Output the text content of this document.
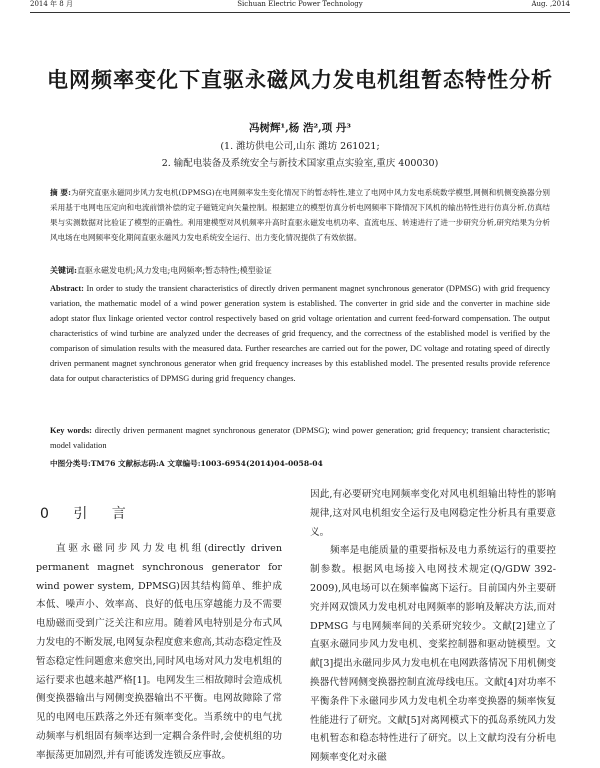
2014 年 8 月	Sichuan Electric Power Technology	Aug. ,2014
电网频率变化下直驱永磁风力发电机组暂态特性分析
冯树辉¹,杨 浩²,项 丹³
(1. 潍坊供电公司,山东 潍坊 261021;
2. 输配电装备及系统安全与新技术国家重点实验室,重庆 400030)
摘 要:为研究直驱永磁同步风力发电机(DPMSG)在电网频率发生变化情况下的暂态特性,建立了电网中风力发电系统数学模型,网侧和机侧变换器分别采用基于电网电压定向和电流前馈补偿的定子磁链定向矢量控制。根据建立的模型仿真分析电网频率下降情况下风机的输出特性进行仿真分析,仿真结果与实测数据对比验证了模型的正确性。利用建模型对风机频率升高时直驱永磁发电机功率、直流电压、转速进行了进一步研究分析,研究结果为分析风电场在电网频率变化期间直驱永磁风力发电系统安全运行、出力变化情况提供了有效依据。
关键词:直驱永磁发电机;风力发电;电网频率;暂态特性;模型验证
Abstract: In order to study the transient characteristics of directly driven permanent magnet synchronous generator (DPMSG) with grid frequency variation, the mathematic model of a wind power generation system is established. The converter in grid side and the converter in machine side adopt stator flux linkage oriented vector control respectively based on grid voltage orientation and current feed-forward compensation. The output characteristics of wind turbine are analyzed under the decreases of grid frequency, and the correctness of the established model is verified by the comparison of simulation results with the measured data. Further researches are carried out for the power, DC voltage and rotating speed of directly driven permanent magnet synchronous generator when grid frequency increases by this established model. The presented results provide reference data for output characteristics of DPMSG during grid frequency changes.
Key words: directly driven permanent magnet synchronous generator (DPMSG); wind power generation; grid frequency; transient characteristic; model validation
中图分类号:TM76 文献标志码:A 文章编号:1003-6954(2014)04-0058-04
0 引 言
直驱永磁同步风力发电机组(directly driven permanent magnet synchronous generator for wind power system, DPMSG)因其结构简单、维护成本低、噪声小、效率高、良好的低电压穿越能力及不需要电励磁而受到广泛关注和应用。随着风电特别是分布式风力发电的不断发展,电网复杂程度愈来愈高,其动态稳定性及暂态稳定性问题愈来愈突出,同时风电场对风力发电机组的运行要求也越来越严格[1]。电网发生三相故障时会造成机侧变换器输出与网侧变换器输出不平衡。电网故障除了常见的电网电压跌落之外还有频率变化。当系统中的电气扰动频率与机组固有频率达到一定耦合条件时,会使机组的功率振荡更加剧烈,并有可能诱发连锁反应事故。

因此,有必要研究电网频率变化对风电机组输出特性的影响规律,这对风电机组安全运行及电网稳定性分析具有重要意义。

频率是电能质量的重要指标及电力系统运行的重要控制参数。根据风电场接入电网技术规定(Q/GDW 392-2009),风电场可以在频率偏离下运行。目前国内外主要研究并网双馈风力发电机对电网频率的影响及解决方法,而对 DPMSG 与电网频率间的关系研究较少。文献[2]建立了直驱永磁同步风力发电机、变桨控制器和驱动链模型。文献[3]提出永磁同步风力发电机在电网跌落情况下用机侧变换器代替网侧变换器控制直流母线电压。文献[4]对功率不平衡条件下永磁同步风力发电机全功率变换器的频率恢复性能进行了研究。文献[5]对离网模式下的孤岛系统风力发电机暂态和稳态特性进行了研究。以上文献均没有分析电网频率变化对永磁
